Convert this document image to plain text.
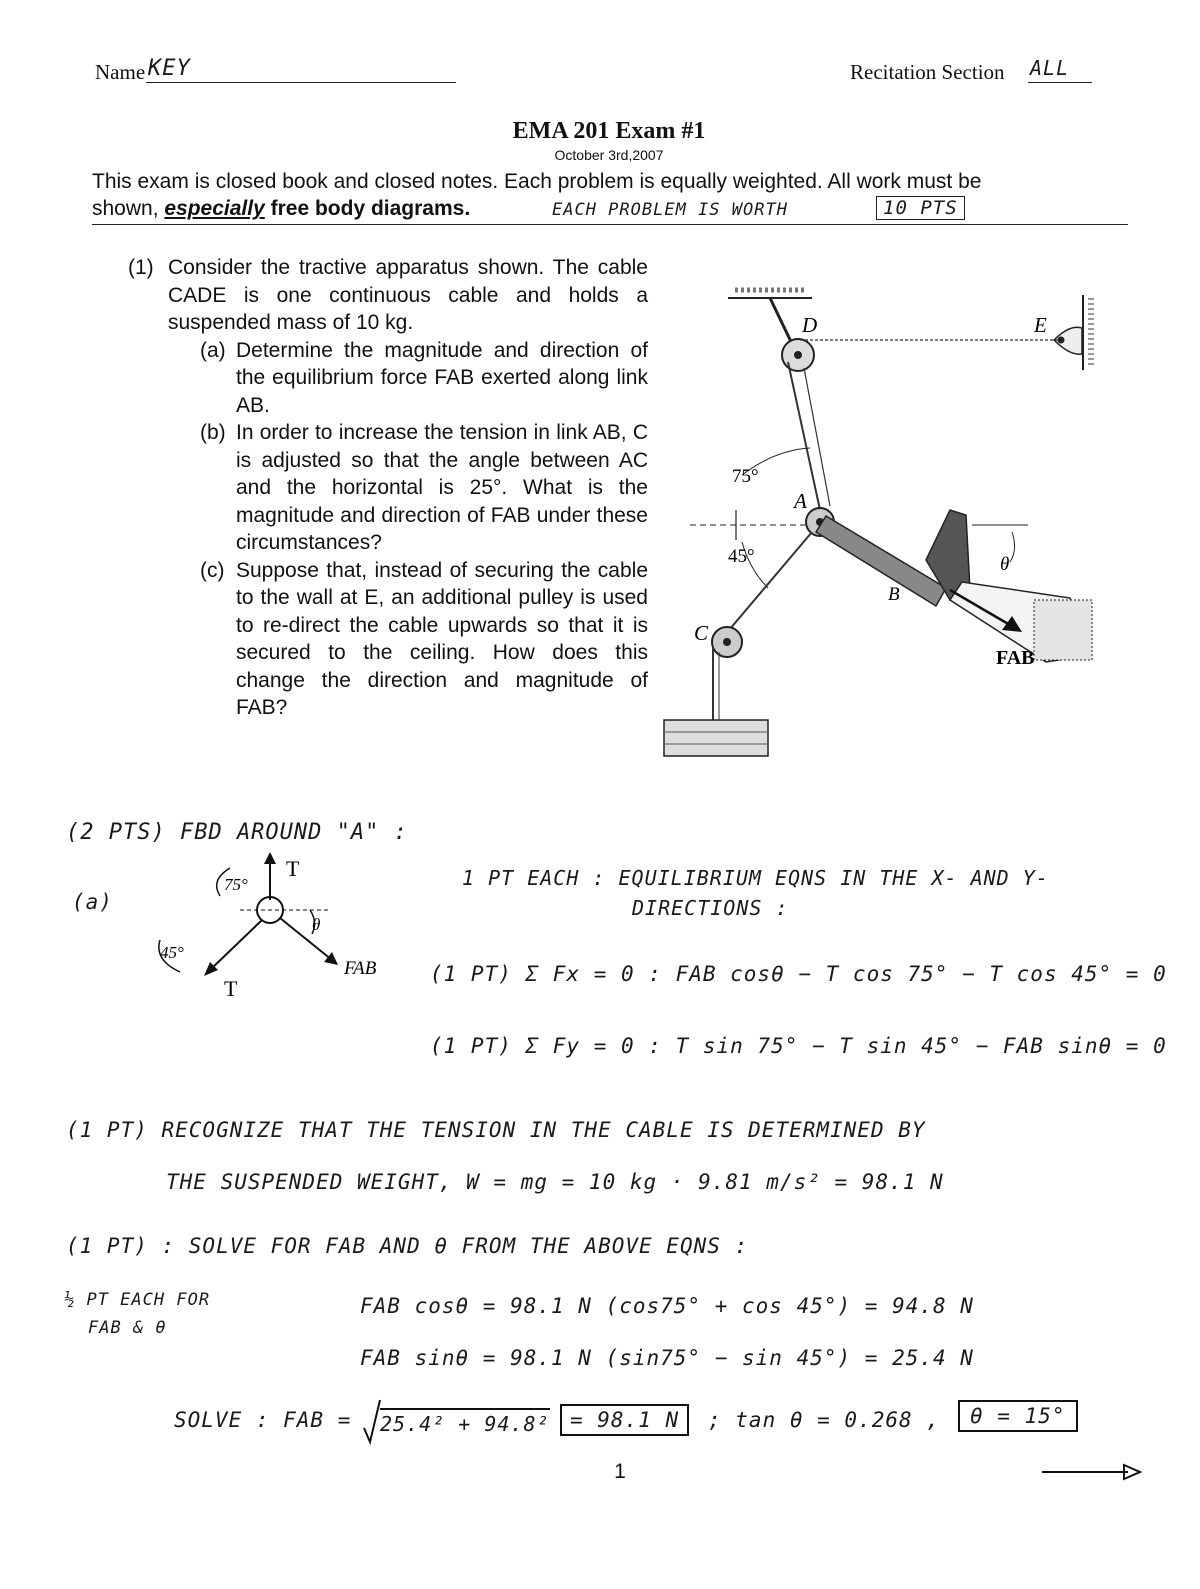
Name KEY	Recitation Section ALL
EMA 201 Exam #1
October 3rd,2007
This exam is closed book and closed notes. Each problem is equally weighted. All work must be
shown, especially free body diagrams.	EACH PROBLEM IS WORTH	10 PTS
(1) Consider the tractive apparatus shown. The cable CADE is one continuous cable and holds a suspended mass of 10 kg.
(a) Determine the magnitude and direction of the equilibrium force FAB exerted along link AB.
(b) In order to increase the tension in link AB, C is adjusted so that the angle between AC and the horizontal is 25°. What is the magnitude and direction of FAB under these circumstances?
(c) Suppose that, instead of securing the cable to the wall at E, an additional pulley is used to re-direct the cable upwards so that it is secured to the ceiling. How does this change the direction and magnitude of FAB?
D	E
A
75°
45°
C
θ
B
FAB
(2 PTS) FBD AROUND "A" :
(a)
T
T
75°
45°
θ
FAB
1 PT EACH : EQUILIBRIUM EQNS IN THE X- AND Y-
DIRECTIONS :
(1 PT) Σ Fx = 0 : FAB cosθ − T cos 75° − T cos 45° = 0
(1 PT) Σ Fy = 0 : T sin 75° − T sin 45° − FAB sinθ = 0
(1 PT) RECOGNIZE THAT THE TENSION IN THE CABLE IS DETERMINED BY
THE SUSPENDED WEIGHT, W = mg = 10 kg · 9.81 m/s² = 98.1 N
(1 PT) : SOLVE FOR FAB AND θ FROM THE ABOVE EQNS :
½ PT EACH FOR
FAB & θ
FAB cosθ = 98.1 N (cos75° + cos 45°) = 94.8 N
FAB sinθ = 98.1 N (sin75° − sin 45°) = 25.4 N
SOLVE : FAB = 25.4² + 94.8² = 98.1 N	; tan θ = 0.268 ,	θ = 15°
1
